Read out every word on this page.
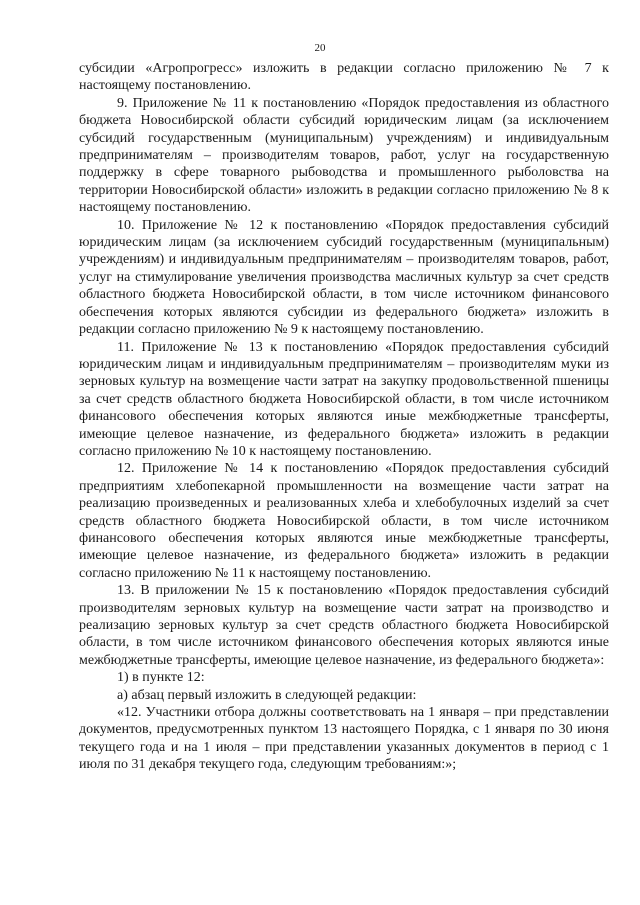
20

субсидии «Агропрогресс» изложить в редакции согласно приложению № 7 к настоящему постановлению.

9. Приложение № 11 к постановлению «Порядок предоставления из областного бюджета Новосибирской области субсидий юридическим лицам (за исключением субсидий государственным (муниципальным) учреждениям) и индивидуальным предпринимателям – производителям товаров, работ, услуг на государственную поддержку в сфере товарного рыбоводства и промышленного рыболовства на территории Новосибирской области» изложить в редакции согласно приложению № 8 к настоящему постановлению.

10. Приложение № 12 к постановлению «Порядок предоставления субсидий юридическим лицам (за исключением субсидий государственным (муниципальным) учреждениям) и индивидуальным предпринимателям – производителям товаров, работ, услуг на стимулирование увеличения производства масличных культур за счет средств областного бюджета Новосибирской области, в том числе источником финансового обеспечения которых являются субсидии из федерального бюджета» изложить в редакции согласно приложению № 9 к настоящему постановлению.

11. Приложение № 13 к постановлению «Порядок предоставления субсидий юридическим лицам и индивидуальным предпринимателям – производителям муки из зерновых культур на возмещение части затрат на закупку продовольственной пшеницы за счет средств областного бюджета Новосибирской области, в том числе источником финансового обеспечения которых являются иные межбюджетные трансферты, имеющие целевое назначение, из федерального бюджета» изложить в редакции согласно приложению № 10 к настоящему постановлению.

12. Приложение № 14 к постановлению «Порядок предоставления субсидий предприятиям хлебопекарной промышленности на возмещение части затрат на реализацию произведенных и реализованных хлеба и хлебобулочных изделий за счет средств областного бюджета Новосибирской области, в том числе источником финансового обеспечения которых являются иные межбюджетные трансферты, имеющие целевое назначение, из федерального бюджета» изложить в редакции согласно приложению № 11 к настоящему постановлению.

13. В приложении № 15 к постановлению «Порядок предоставления субсидий производителям зерновых культур на возмещение части затрат на производство и реализацию зерновых культур за счет средств областного бюджета Новосибирской области, в том числе источником финансового обеспечения которых являются иные межбюджетные трансферты, имеющие целевое назначение, из федерального бюджета»:

1) в пункте 12:

а) абзац первый изложить в следующей редакции:

«12. Участники отбора должны соответствовать на 1 января – при представлении документов, предусмотренных пунктом 13 настоящего Порядка, с 1 января по 30 июня текущего года и на 1 июля – при представлении указанных документов в период с 1 июля по 31 декабря текущего года, следующим требованиям:»;
